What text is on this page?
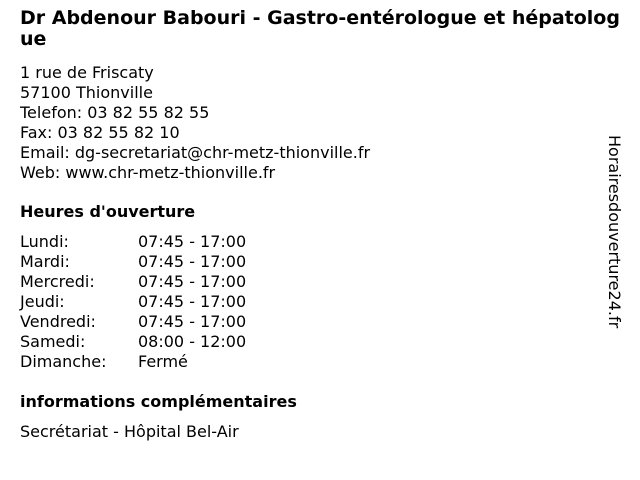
Dr Abdenour Babouri - Gastro-entérologue et hépatologue
1 rue de Friscaty
57100 Thionville
Telefon: 03 82 55 82 55
Fax: 03 82 55 82 10
Email: dg-secretariat@chr-metz-thionville.fr
Web: www.chr-metz-thionville.fr
Heures d'ouverture
Lundi:	07:45 - 17:00
Mardi:	07:45 - 17:00
Mercredi:	07:45 - 17:00
Jeudi:	07:45 - 17:00
Vendredi:	07:45 - 17:00
Samedi:	08:00 - 12:00
Dimanche:	Fermé
informations complémentaires
Secrétariat - Hôpital Bel-Air
Horairesdouverture24.fr
